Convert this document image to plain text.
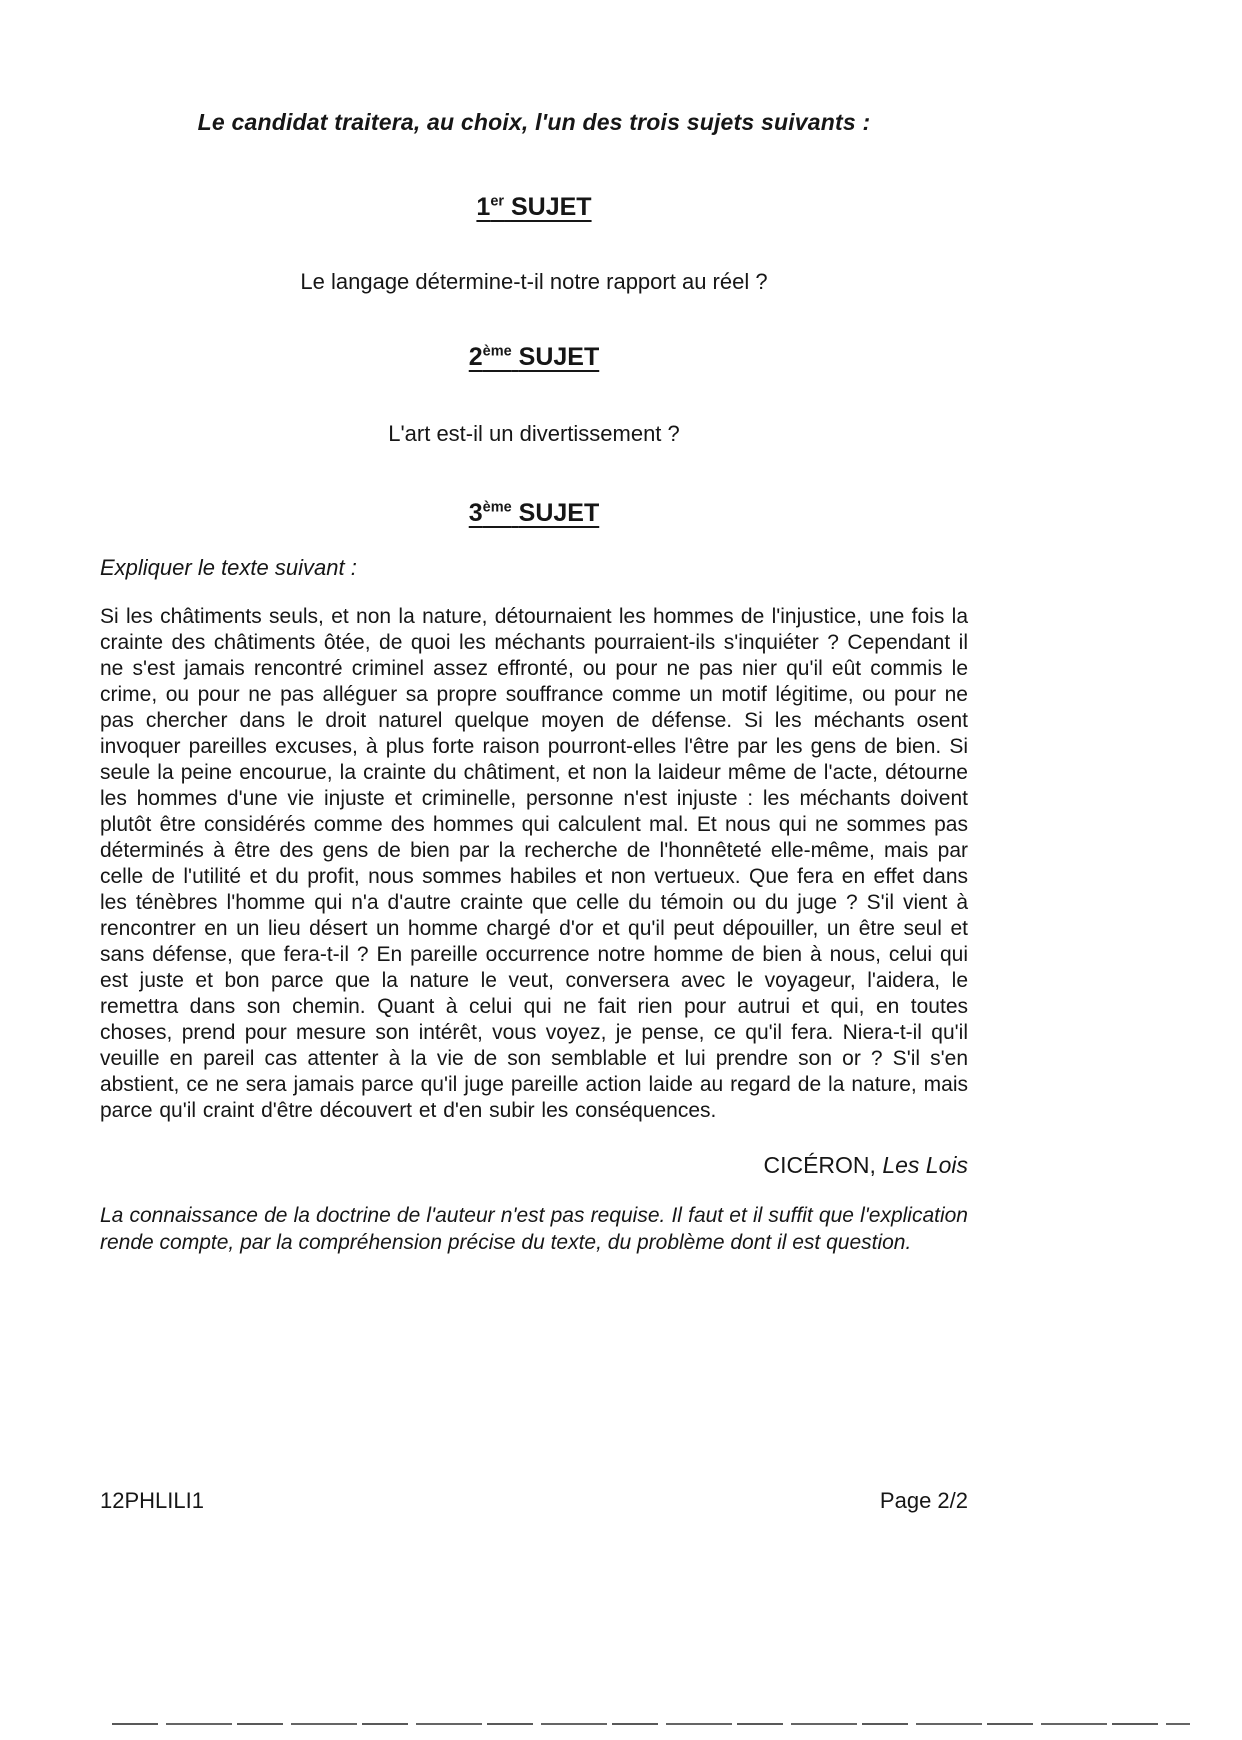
Le candidat traitera, au choix, l'un des trois sujets suivants :

1er SUJET

Le langage détermine-t-il notre rapport au réel ?

2ème SUJET

L'art est-il un divertissement ?

3ème SUJET

Expliquer le texte suivant :

Si les châtiments seuls, et non la nature, détournaient les hommes de l'injustice, une fois la crainte des châtiments ôtée, de quoi les méchants pourraient-ils s'inquiéter ? Cependant il ne s'est jamais rencontré criminel assez effronté, ou pour ne pas nier qu'il eût commis le crime, ou pour ne pas alléguer sa propre souffrance comme un motif légitime, ou pour ne pas chercher dans le droit naturel quelque moyen de défense. Si les méchants osent invoquer pareilles excuses, à plus forte raison pourront-elles l'être par les gens de bien. Si seule la peine encourue, la crainte du châtiment, et non la laideur même de l'acte, détourne les hommes d'une vie injuste et criminelle, personne n'est injuste : les méchants doivent plutôt être considérés comme des hommes qui calculent mal. Et nous qui ne sommes pas déterminés à être des gens de bien par la recherche de l'honnêteté elle-même, mais par celle de l'utilité et du profit, nous sommes habiles et non vertueux. Que fera en effet dans les ténèbres l'homme qui n'a d'autre crainte que celle du témoin ou du juge ? S'il vient à rencontrer en un lieu désert un homme chargé d'or et qu'il peut dépouiller, un être seul et sans défense, que fera-t-il ? En pareille occurrence notre homme de bien à nous, celui qui est juste et bon parce que la nature le veut, conversera avec le voyageur, l'aidera, le remettra dans son chemin. Quant à celui qui ne fait rien pour autrui et qui, en toutes choses, prend pour mesure son intérêt, vous voyez, je pense, ce qu'il fera. Niera-t-il qu'il veuille en pareil cas attenter à la vie de son semblable et lui prendre son or ? S'il s'en abstient, ce ne sera jamais parce qu'il juge pareille action laide au regard de la nature, mais parce qu'il craint d'être découvert et d'en subir les conséquences.

CICÉRON, Les Lois

La connaissance de la doctrine de l'auteur n'est pas requise. Il faut et il suffit que l'explication rende compte, par la compréhension précise du texte, du problème dont il est question.

12PHLILI1	Page 2/2
